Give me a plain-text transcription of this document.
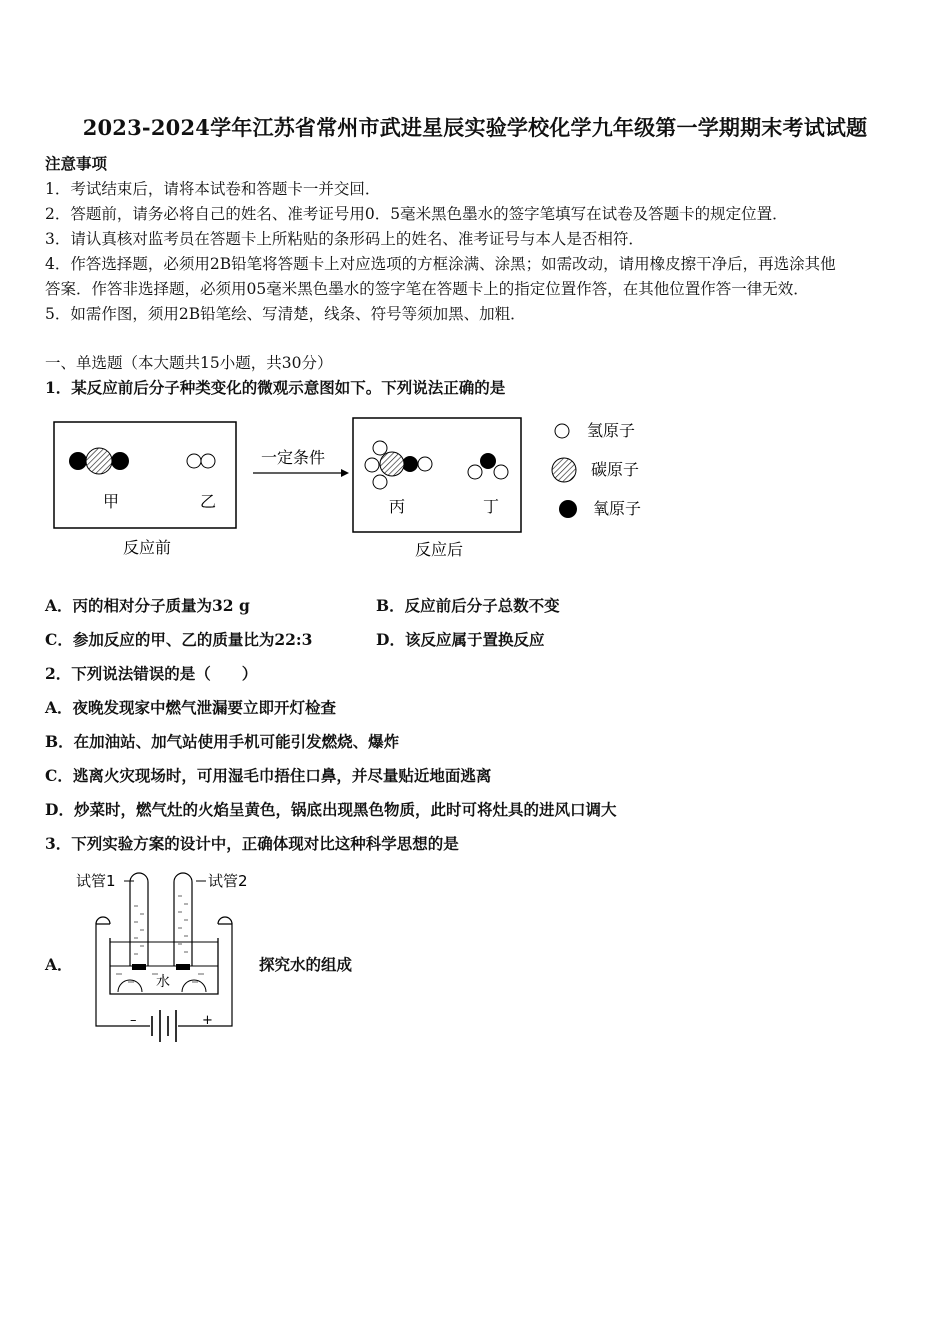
2023-2024学年江苏省常州市武进星辰实验学校化学九年级第一学期期末考试试题
注意事项
1．考试结束后，请将本试卷和答题卡一并交回．
2．答题前，请务必将自己的姓名、准考证号用0．5毫米黑色墨水的签字笔填写在试卷及答题卡的规定位置．
3．请认真核对监考员在答题卡上所粘贴的条形码上的姓名、准考证号与本人是否相符．
4．作答选择题，必须用2B铅笔将答题卡上对应选项的方框涂满、涂黑；如需改动，请用橡皮擦干净后，再选涂其他
答案．作答非选择题，必须用05毫米黑色墨水的签字笔在答题卡上的指定位置作答，在其他位置作答一律无效．
5．如需作图，须用2B铅笔绘、写清楚，线条、符号等须加黑、加粗．
一、单选题（本大题共15小题，共30分）
1．某反应前后分子种类变化的微观示意图如下。下列说法正确的是
甲	乙
反应前
一定条件
丙	丁
反应后
氢原子
碳原子
氧原子
A．丙的相对分子质量为32 g	B．反应前后分子总数不变
C．参加反应的甲、乙的质量比为22:3	D．该反应属于置换反应
2．下列说法错误的是（　　）
A．夜晚发现家中燃气泄漏要立即开灯检查
B．在加油站、加气站使用手机可能引发燃烧、爆炸
C．逃离火灾现场时，可用湿毛巾捂住口鼻，并尽量贴近地面逃离
D．炒菜时，燃气灶的火焰呈黄色，锅底出现黑色物质，此时可将灶具的进风口调大
3．下列实验方案的设计中，正确体现对比这种科学思想的是
试管1	试管2
水
–	+
A．	探究水的组成
